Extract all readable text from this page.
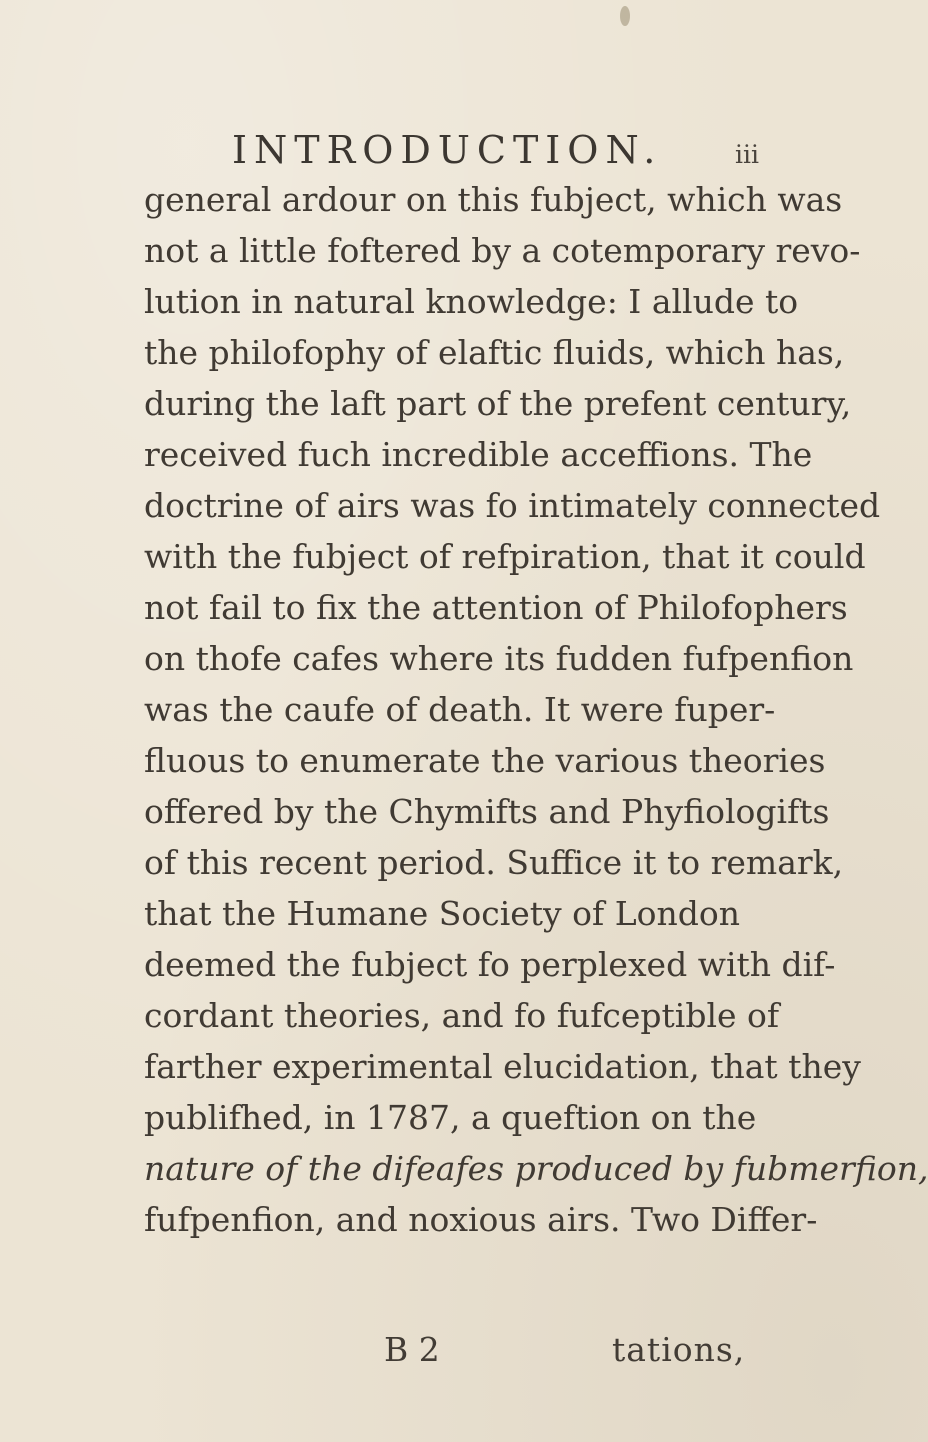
INTRODUCTION.	iii
general ardour on this fubject, which was
not a little foftered by a cotemporary revo-
lution in natural knowledge: I allude to
the philofophy of elaftic fluids, which has,
during the laft part of the prefent century,
received fuch incredible acceffions. The
doctrine of airs was fo intimately connected
with the fubject of refpiration, that it could
not fail to fix the attention of Philofophers
on thofe cafes where its fudden fufpenfion
was the caufe of death. It were fuper-
fluous to enumerate the various theories
offered by the Chymifts and Phyfiologifts
of this recent period. Suffice it to remark,
that the Humane Society of London
deemed the fubject fo perplexed with dif-
cordant theories, and fo fufceptible of
farther experimental elucidation, that they
publifhed, in 1787, a queftion on the
nature of the difeafes produced by fubmerfion,
fufpenfion, and noxious airs. Two Differ-
B 2	tations,
